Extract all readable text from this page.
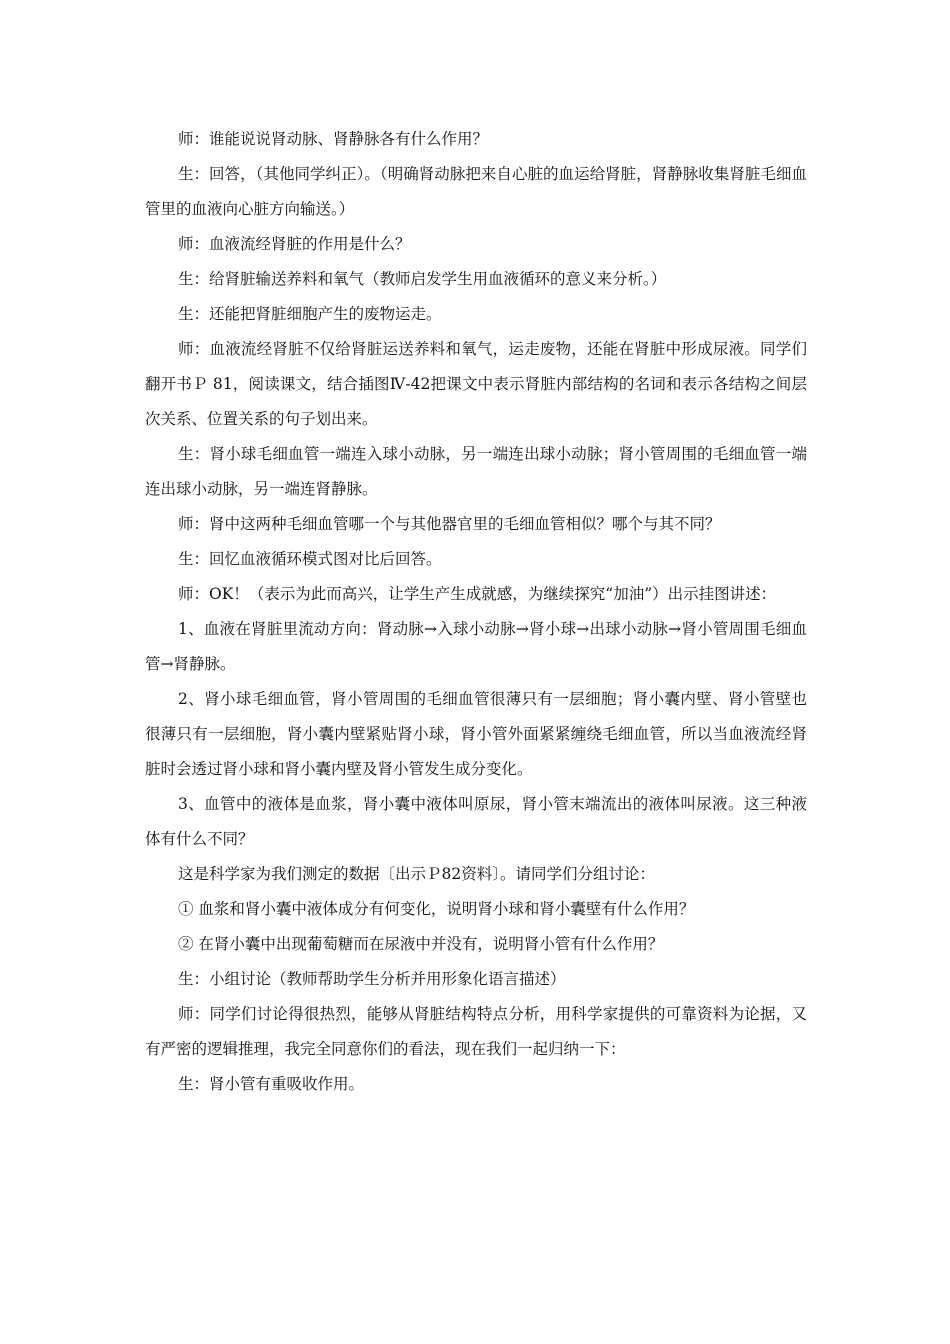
师：谁能说说肾动脉、肾静脉各有什么作用？

生：回答，（其他同学纠正）。（明确肾动脉把来自心脏的血运给肾脏，肾静脉收集肾脏毛细血管里的血液向心脏方向输送。）

师：血液流经肾脏的作用是什么？

生：给肾脏输送养料和氧气（教师启发学生用血液循环的意义来分析。）

生：还能把肾脏细胞产生的废物运走。

师：血液流经肾脏不仅给肾脏运送养料和氧气，运走废物，还能在肾脏中形成尿液。同学们翻开书Ｐ 81，阅读课文，结合插图Ⅳ-42把课文中表示肾脏内部结构的名词和表示各结构之间层次关系、位置关系的句子划出来。

生：肾小球毛细血管一端连入球小动脉，另一端连出球小动脉；肾小管周围的毛细血管一端连出球小动脉，另一端连肾静脉。

师：肾中这两种毛细血管哪一个与其他器官里的毛细血管相似？哪个与其不同？

生：回忆血液循环模式图对比后回答。

师：OK！（表示为此而高兴，让学生产生成就感，为继续探究“加油”）出示挂图讲述：

1、血液在肾脏里流动方向：肾动脉→入球小动脉→肾小球→出球小动脉→肾小管周围毛细血管→肾静脉。

2、肾小球毛细血管，肾小管周围的毛细血管很薄只有一层细胞；肾小囊内壁、肾小管壁也很薄只有一层细胞，肾小囊内壁紧贴肾小球，肾小管外面紧紧缠绕毛细血管，所以当血液流经肾脏时会透过肾小球和肾小囊内壁及肾小管发生成分变化。

3、血管中的液体是血浆，肾小囊中液体叫原尿，肾小管末端流出的液体叫尿液。这三种液体有什么不同？

这是科学家为我们测定的数据〔出示Ｐ82资料〕。请同学们分组讨论：

① 血浆和肾小囊中液体成分有何变化，说明肾小球和肾小囊壁有什么作用？

② 在肾小囊中出现葡萄糖而在尿液中并没有，说明肾小管有什么作用？

生：小组讨论（教师帮助学生分析并用形象化语言描述）

师：同学们讨论得很热烈，能够从肾脏结构特点分析，用科学家提供的可靠资料为论据，又有严密的逻辑推理，我完全同意你们的看法，现在我们一起归纳一下：

生：肾小管有重吸收作用。
